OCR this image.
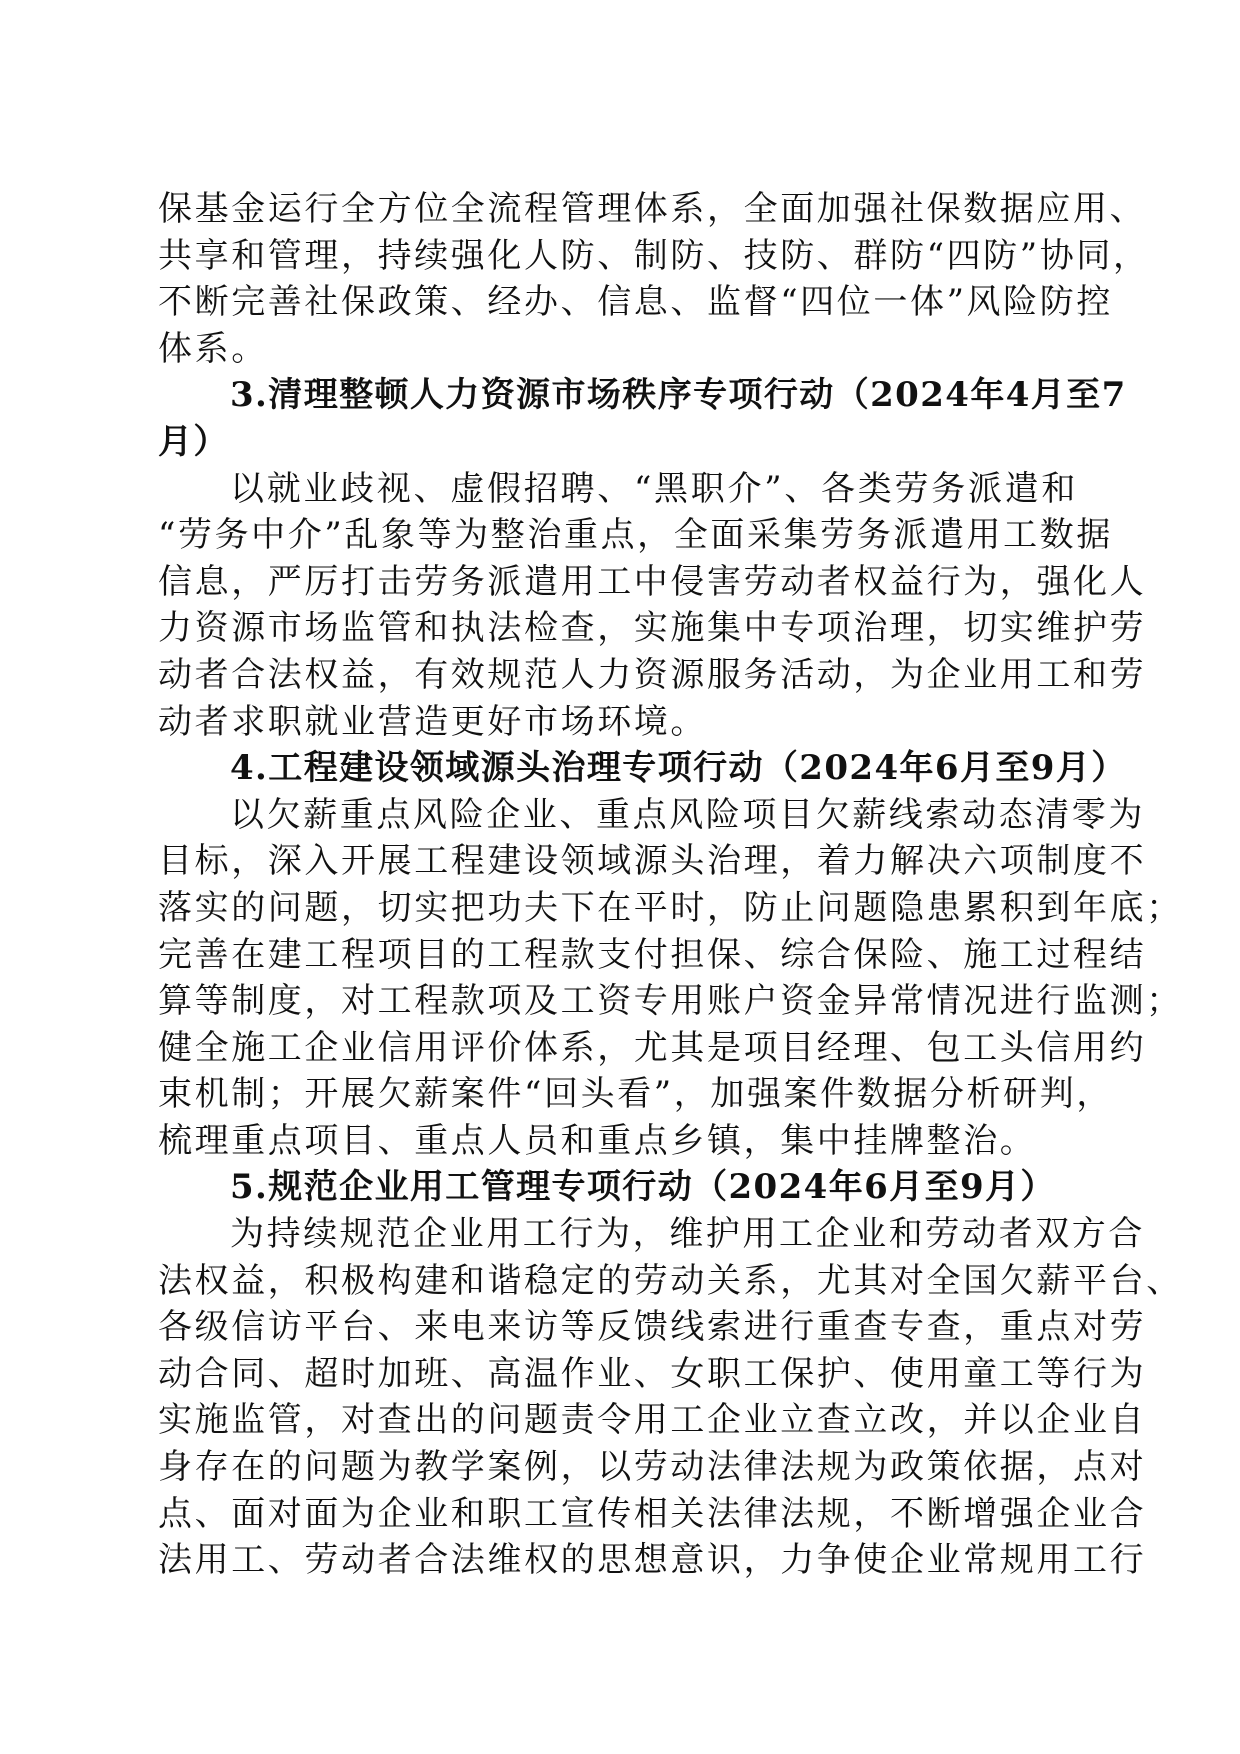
保基金运行全方位全流程管理体系，全面加强社保数据应用、
共享和管理，持续强化人防、制防、技防、群防“四防”协同，
不断完善社保政策、经办、信息、监督“四位一体”风险防控
体系。
3.清理整顿人力资源市场秩序专项行动（2024年4月至7
月）
以就业歧视、虚假招聘、“黑职介”、各类劳务派遣和
“劳务中介”乱象等为整治重点，全面采集劳务派遣用工数据
信息，严厉打击劳务派遣用工中侵害劳动者权益行为，强化人
力资源市场监管和执法检查，实施集中专项治理，切实维护劳
动者合法权益，有效规范人力资源服务活动，为企业用工和劳
动者求职就业营造更好市场环境。
4.工程建设领域源头治理专项行动（2024年6月至9月）
以欠薪重点风险企业、重点风险项目欠薪线索动态清零为
目标，深入开展工程建设领域源头治理，着力解决六项制度不
落实的问题，切实把功夫下在平时，防止问题隐患累积到年底；
完善在建工程项目的工程款支付担保、综合保险、施工过程结
算等制度，对工程款项及工资专用账户资金异常情况进行监测；
健全施工企业信用评价体系，尤其是项目经理、包工头信用约
束机制；开展欠薪案件“回头看”，加强案件数据分析研判，
梳理重点项目、重点人员和重点乡镇，集中挂牌整治。
5.规范企业用工管理专项行动（2024年6月至9月）
为持续规范企业用工行为，维护用工企业和劳动者双方合
法权益，积极构建和谐稳定的劳动关系，尤其对全国欠薪平台、
各级信访平台、来电来访等反馈线索进行重查专查，重点对劳
动合同、超时加班、高温作业、女职工保护、使用童工等行为
实施监管，对查出的问题责令用工企业立查立改，并以企业自
身存在的问题为教学案例，以劳动法律法规为政策依据，点对
点、面对面为企业和职工宣传相关法律法规，不断增强企业合
法用工、劳动者合法维权的思想意识，力争使企业常规用工行
